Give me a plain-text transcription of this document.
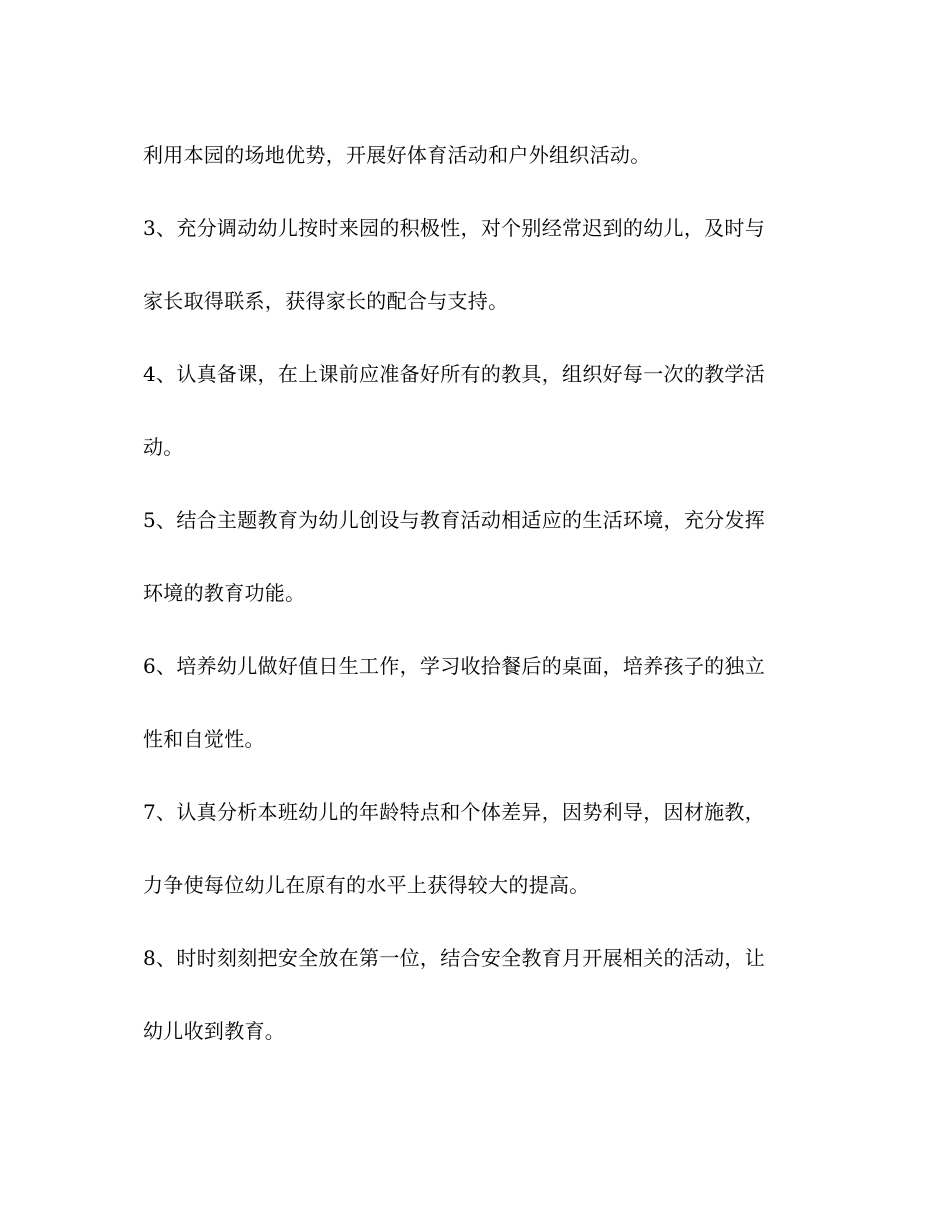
利用本园的场地优势，开展好体育活动和户外组织活动。
3、充分调动幼儿按时来园的积极性，对个别经常迟到的幼儿，及时与
家长取得联系，获得家长的配合与支持。
4、认真备课，在上课前应准备好所有的教具，组织好每一次的教学活
动。
5、结合主题教育为幼儿创设与教育活动相适应的生活环境，充分发挥
环境的教育功能。
6、培养幼儿做好值日生工作，学习收拾餐后的桌面，培养孩子的独立
性和自觉性。
7、认真分析本班幼儿的年龄特点和个体差异，因势利导，因材施教，
力争使每位幼儿在原有的水平上获得较大的提高。
8、时时刻刻把安全放在第一位，结合安全教育月开展相关的活动，让
幼儿收到教育。
